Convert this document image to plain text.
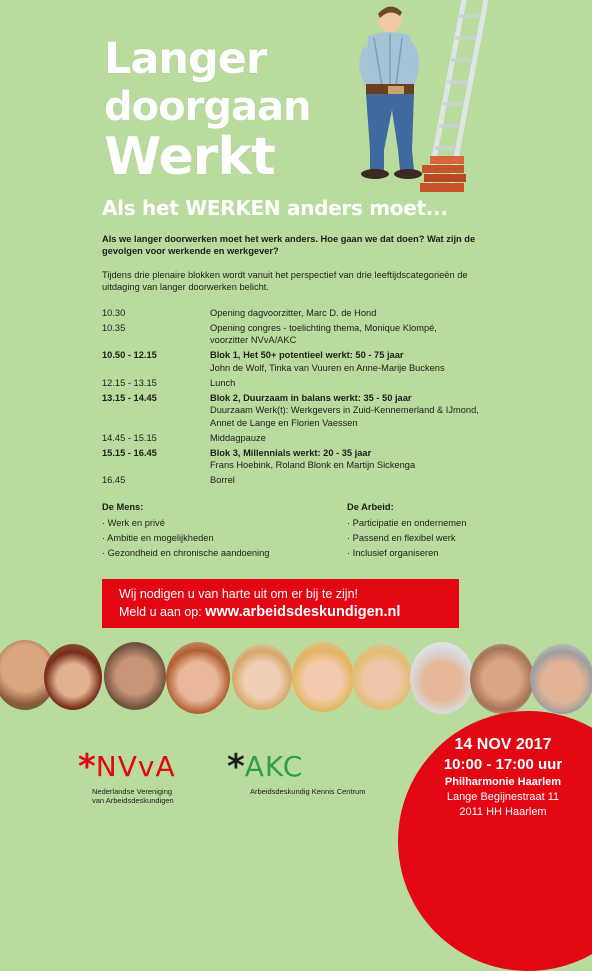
Langer
doorgaan
Werkt
Als het WERKEN anders moet...
Als we langer doorwerken moet het werk anders. Hoe gaan we dat doen? Wat zijn de gevolgen voor werkende en werkgever?
Tijdens drie plenaire blokken wordt vanuit het perspectief van drie leeftijdscategorieën de uitdaging van langer doorwerken belicht.
10.30	Opening dagvoorzitter, Marc D. de Hond
10.35	Opening congres - toelichting thema, Monique Klompé,
voorzitter NVvA/AKC
10.50 - 12.15	Blok 1, Het 50+ potentieel werkt: 50 - 75 jaar
John de Wolf, Tinka van Vuuren en Anne-Marije Buckens
12.15 - 13.15	Lunch
13.15 - 14.45	Blok 2, Duurzaam in balans werkt: 35 - 50 jaar
Duurzaam Werk(t): Werkgevers in Zuid-Kennemerland & IJmond,
Annet de Lange en Florien Vaessen
14.45 - 15.15	Middagpauze
15.15 - 16.45	Blok 3, Millennials werkt: 20 - 35 jaar
Frans Hoebink, Roland Blonk en Martijn Sickenga
16.45	Borrel
De Mens:
· Werk en privé
· Ambitie en mogelijkheden
· Gezondheid en chronische aandoening
De Arbeid:
· Participatie en ondernemen
· Passend en flexibel werk
· Inclusief organiseren
Wij nodigen u van harte uit om er bij te zijn!
Meld u aan op: www.arbeidsdeskundigen.nl
14 NOV 2017
10:00 - 17:00 uur
Philharmonie Haarlem
Lange Begijnestraat 11
2011 HH Haarlem
*NVvA
Nederlandse Vereniging
van Arbeidsdeskundigen
*AKC
Arbeidsdeskundig Kennis Centrum
